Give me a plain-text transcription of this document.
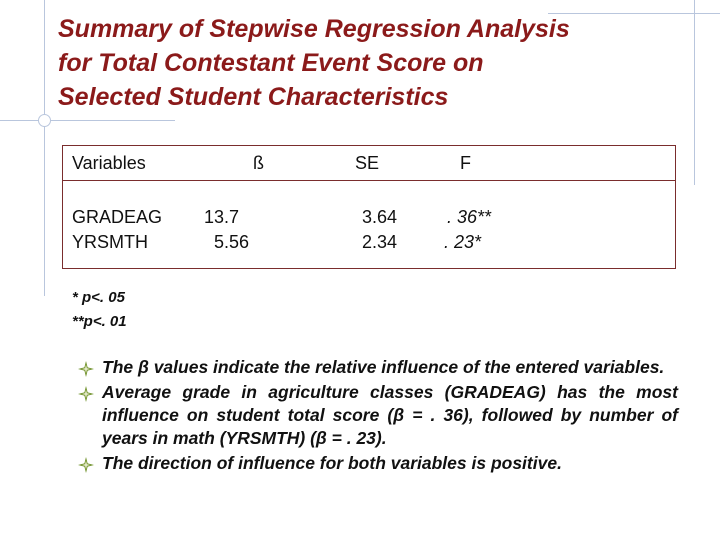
Summary of Stepwise Regression Analysis
for Total Contestant Event Score on
Selected Student Characteristics
Variables	ß	SE	F
GRADEAG 13.7	3.64	. 36**
YRSMTH	5.56	2.34	. 23*
* p<. 05
**p<. 01
The β values indicate the relative influence of the entered variables.
Average grade in agriculture classes (GRADEAG) has the most influence on student total score (β = . 36), followed by number of years in math (YRSMTH) (β = . 23).
The direction of influence for both variables is positive.
